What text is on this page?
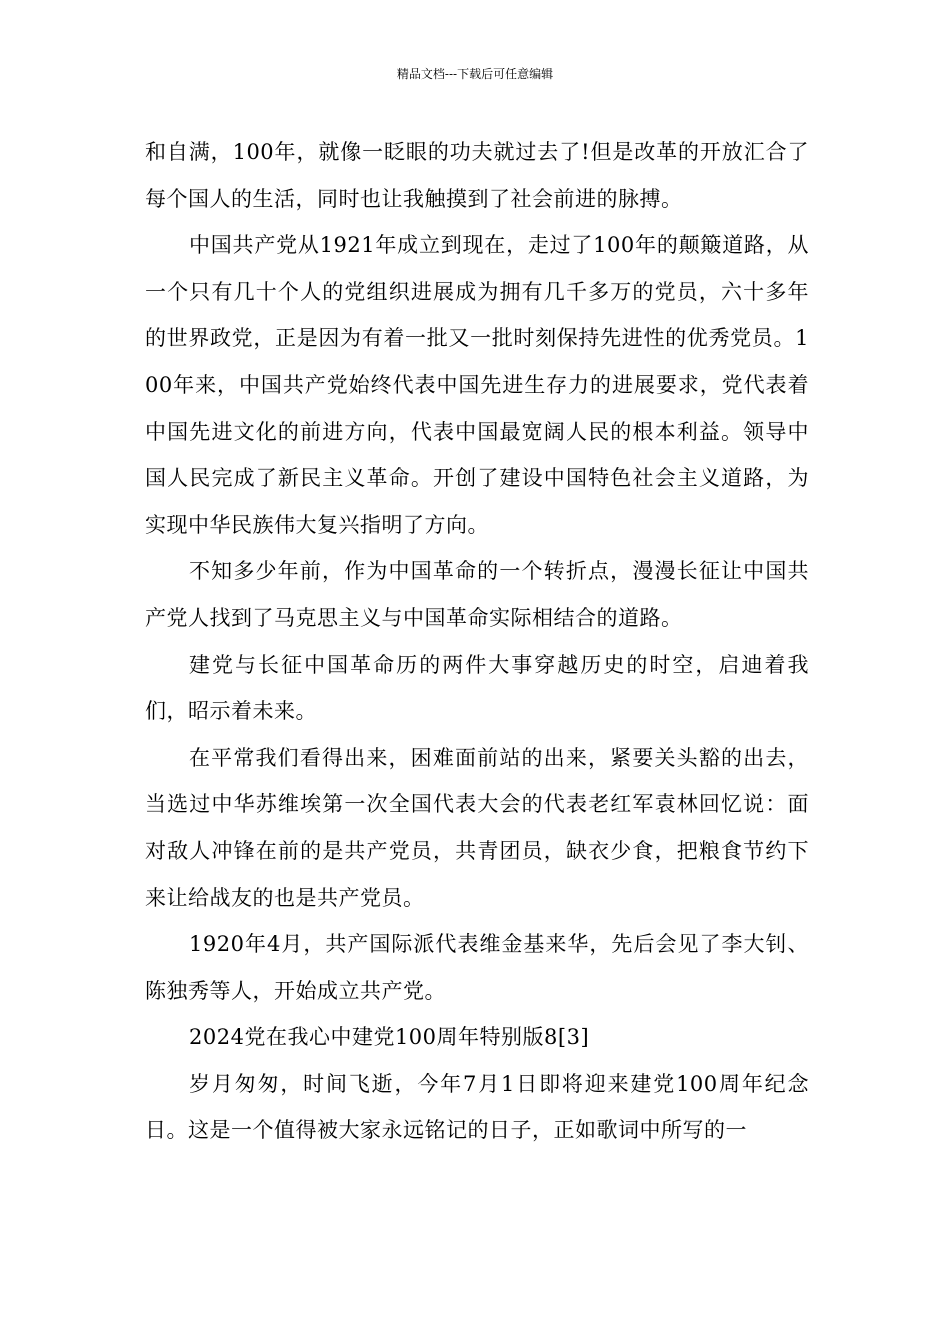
精品文档---下载后可任意编辑

和自满，100年，就像一眨眼的功夫就过去了!但是改革的开放汇合了每个国人的生活，同时也让我触摸到了社会前进的脉搏。

中国共产党从1921年成立到现在，走过了100年的颠簸道路，从一个只有几十个人的党组织进展成为拥有几千多万的党员，六十多年的世界政党，正是因为有着一批又一批时刻保持先进性的优秀党员。100年来，中国共产党始终代表中国先进生存力的进展要求，党代表着中国先进文化的前进方向，代表中国最宽阔人民的根本利益。领导中国人民完成了新民主义革命。开创了建设中国特色社会主义道路，为实现中华民族伟大复兴指明了方向。

不知多少年前，作为中国革命的一个转折点，漫漫长征让中国共产党人找到了马克思主义与中国革命实际相结合的道路。

建党与长征中国革命历的两件大事穿越历史的时空，启迪着我们，昭示着未来。

在平常我们看得出来，困难面前站的出来，紧要关头豁的出去，当选过中华苏维埃第一次全国代表大会的代表老红军袁林回忆说：面对敌人冲锋在前的是共产党员，共青团员，缺衣少食，把粮食节约下来让给战友的也是共产党员。

1920年4月，共产国际派代表维金基来华，先后会见了李大钊、陈独秀等人，开始成立共产党。

2024党在我心中建党100周年特别版8[3]

岁月匆匆，时间飞逝，今年7月1日即将迎来建党100周年纪念日。这是一个值得被大家永远铭记的日子，正如歌词中所写的一
